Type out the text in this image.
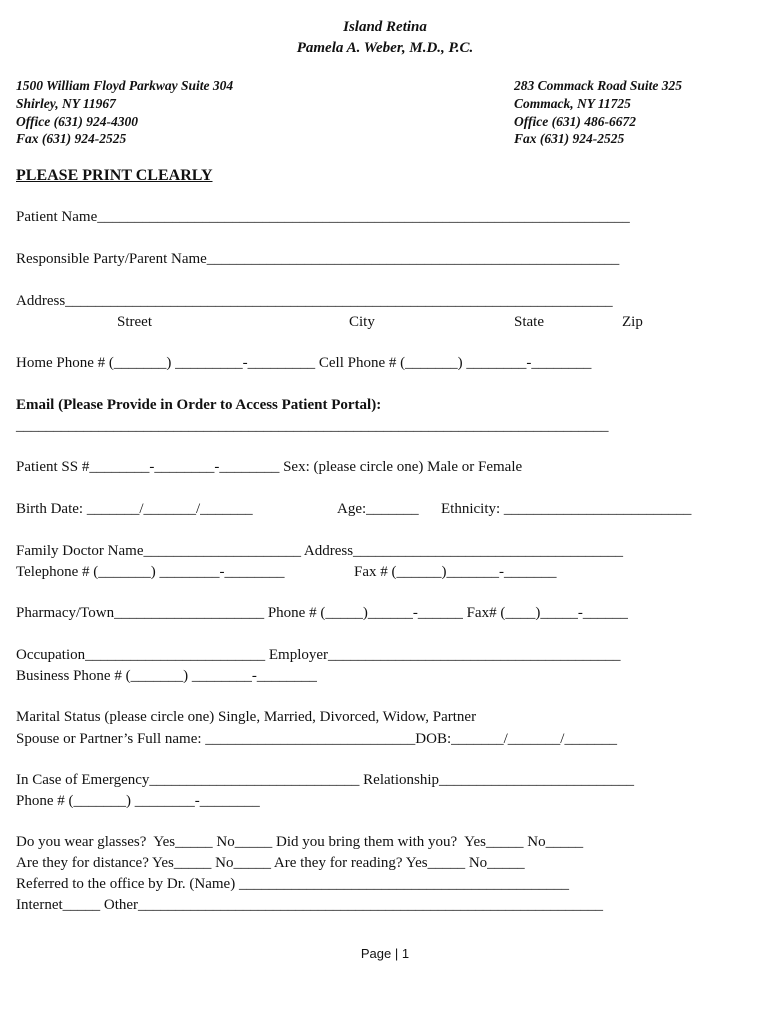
Island Retina
Pamela A. Weber, M.D., P.C.
1500 William Floyd Parkway Suite 304
Shirley, NY 11967
Office (631) 924-4300
Fax (631) 924-2525
283 Commack Road Suite 325
Commack, NY 11725
Office (631) 486-6672
Fax (631) 924-2525
PLEASE PRINT CLEARLY
Patient Name_______________________________________________________________________
Responsible Party/Parent Name_______________________________________________________
Address_________________________________________________________________________
Street	City	State	Zip
Home Phone # (_______) _________-_________ Cell Phone # (_______) ________-________
Email (Please Provide in Order to Access Patient Portal):
_______________________________________________________________________________
Patient SS #________-________-________ Sex: (please circle one) Male or Female
Birth Date: _______/_______/_______	Age:_______ Ethnicity: _________________________
Family Doctor Name_____________________ Address____________________________________
Telephone # (_______) ________-________	Fax # (______)_______-_______
Pharmacy/Town____________________ Phone # (_____)______-______ Fax# (____)_____-______
Occupation________________________ Employer_______________________________________
Business Phone # (_______) ________-________
Marital Status (please circle one) Single, Married, Divorced, Widow, Partner
Spouse or Partner’s Full name: ____________________________DOB:_______/_______/_______
In Case of Emergency____________________________ Relationship__________________________
Phone # (_______) ________-________
Do you wear glasses?  Yes_____ No_____ Did you bring them with you?  Yes_____ No_____
Are they for distance? Yes_____ No_____ Are they for reading? Yes_____ No_____
Referred to the office by Dr. (Name) ____________________________________________
Internet_____ Other______________________________________________________________
Page | 1
